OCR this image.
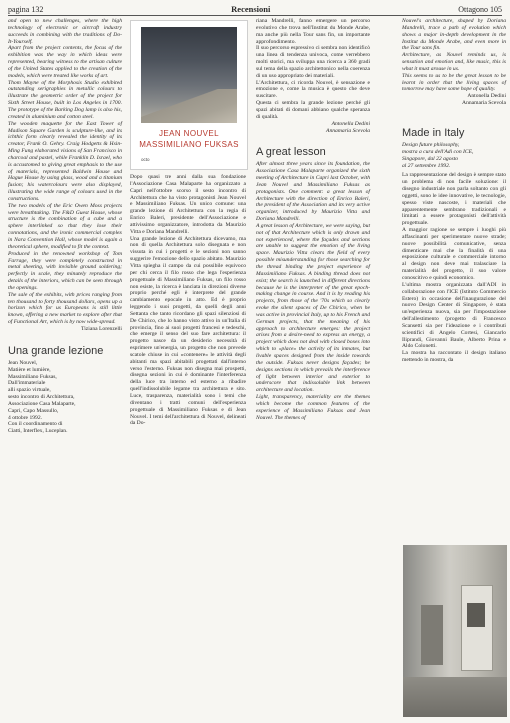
pagina 132	Recensioni	Ottagono 105
and open to new challenges, where the high technology of electronic or aircraft industry succeeds in combining with the traditions of Do-It-Yourself.
Apart from the project contents, the focus of the exhibition was the way in which ideas were represented, bearing witness to the artisan culture of the United States applied to the creation of the models, which were treated like works of art.
Thom Mayne of the Morphosis Studio exhibited outstanding serigraphies in metallic colours to illustrate the geometric order of the project for Sixth Street House, built in Los Angeles in 1700. The prototype of the Barking Dog lamp is also his, created in aluminium and cotton steel.
The wooden maquette for the East Tower of Madison Square Garden is sculpture-like, and its ichthic form clearly revealed the identity of its creator, Frank O. Gehry. Craig Hodgetts & Hsin-Ming Fung elaborated visions of San Francisco in charcoal and pastel, while Franklin D. Israel, who is accustomed to giving great emphasis to the use of materials, represented Baldwin House and Hague House by using glass, wood and a titanium fusion; his watercolours were also displayed, illustrating the wide range of colours used in the constructions.
The two models of the Eric Owen Moss projects were breathtaking. The F&D Guest House, whose structure is the combination of a cube and a sphere interlinked so that they lose their connotations, and the ironic commercial complex in Nara Convention Hall, whose model is again a theoretical sphere, modified to fit the context.
Produced in the renowned workshop of Tom Farrage, they were completely constructed in metal sheeting, with invisible ground soldering; perfectly in scale, they minutely reproduce the details of the interiors, which can be seen through the openings.
The sale of the exhibits, with prices ranging from ten thousand to forty thousand dollars, opens up a horizon which for us Europeans is still little known, offering a new market to explore after that of Functional Art, which is by now wide-spread.
Tiziana Lorenzelli
Una grande lezione
Jean Nouvel,
Matière et lumière,
Massimiliano Fuksas,
Dall'immateriale
alli spazio virtuale,
sesto incontro di Architettura,
Associazione Casa Malaparte,
Capri, Capo Massullo,
4 ottobre 1992.
Con il coordinamento di
Ciatti, Interflex, Luceplan.
JEAN NOUVEL
MASSIMILIANO FUKSAS
octo
Dopo quasi tre anni dalla sua fondazione l'Associazione Casa Malaparte ha organizzato a Capri nell'ottobre scorso il sesto incontro di Architettura che ha visto protagonisti Jean Nouvel e Massimiliano Fuksas. Un unico comune: una grande lezione di Architettura con la regia di Enrico Baleri, presidente dell'Associazione e attivissimo organizzatore, introdotta da Maurizio Vitta e Doriana Mandrelli.
Una grande lezione di Architettura dicevamo, ma non di quella Architettura solo disegnata e non vissuta in cui i progetti e le sezioni non sanno suggerire l'emozione dello spazio abitato. Maurizio Vitta spiegha il campo da cui possibile equivoco per chi cerca il filo rosso che lega l'esperienza progettuale di Massimiliano Fuksas, un filo rosso non esiste, la ricerca è lanciata in direzioni diverse proprio perché egli è interprete del grande cambiamento epocale in atto. Ed è proprio leggendo i suoi progetti, da quelli degli anni Settanta che tanto ricordano gli spazi silenziosi di De Chirico, che lo hanno visto attivo in un'Italia di provincia, fino ai suoi progetti francesi e tedeschi, che emerge il senso del suo fare architettura: il progetto nasce da un desiderio necessità di esprimere un'energia, un progetto che non prevede scatole chiuse in cui «contenere» le attività degli abitanti ma spazi abitabili progettati dall'interno verso l'esterno. Fuksas non disegna mai prospetti, disegna sezioni in cui è dominante l'interferenza della luce tra interno ed esterno a ribadire quell'indissolubile legame tra architettura e sito. Luce, trasparenza, materialità sono i temi che diventano i tratti comuni dell'esperienza progettuale di Massimiliano Fuksas e di Jean Nouvel. I temi dell'architettura di Nouvel, delineati da Do-
riana Mandrelli, fanno emergere un percorso evolutivo che trova nell'Institut du Monde Arabe, ma anche più nella Tour sans fin, un importante approfondimento.
Il suo percorso espressivo ci sembra non identificò una linea di tendenza univoca, come verrebbero molti storici, ma sviluppa una ricerca a 360 gradi sul tema della spazio architettonico nella coerenza di un uso appropriato dei materiali.
L'Architettura, ci ricorda Nouvel, è sensazione e emozione e, come la musica è questo che deve suscitare.
Questa ci sembra la grande lezione perché gli spazi abitati di domani abbiano qualche speranza di qualità.
Antonella Dedini
Annamaria Scevola
A great lesson
After almost three years since its foundation, the Associazione Casa Malaparte organized the sixth meeting of Architecture in Capri last October, with Jean Nouvel and Massimiliano Fuksas as protagonists. One comment: a great lesson of Architecture with the direction of Enrico Baleri, the president of the Association and its very active organizer, introduced by Maurizio Vitta and Doriana Mandrelli.
A great lesson of Architecture, we were saying, but not of that Architecture which is only drawn and not experienced, where the façades and sections are unable to suggest the emotion of the living space. Maurizio Vitta clears the field of every possible misunderstanding for those searching for the thread binding the project experience of Massimiliano Fuksas. A binding thread does not exist; the search is launched in different directions because he is the interpreter of the great epoch-making change in course. And it is by reading his projects, from those of the '70s which so clearly evoke the silent spaces of De Chirico, when he was active in provincial Italy, up to his French and German projects, that the meaning of his approach to architecture emerges: the project arises from a desire-need to express an energy, a project which does not deal with closed boxes into which to «place» the activity of its inmates, but livable spaces designed from the inside towards the outside. Fuksas never designs façades; he designs sections in which prevails the interference of light between interior and exterior to underscore that indissoluble link between architecture and location.
Light, transparency, materiality are the themes which become the common features of the experience of Massimiliano Fuksas and Jean Nouvel. The themes of
Nouvel's architecture, shaped by Doriana Mandrelli, trace a path of evolution which shows a major in-depth development in the Institut du Monde Arabe, and even more in the Tour sans fin.
Architecture, as Nouvel reminds us, is sensation and emotion and, like music, this is what it must arouse in us.
This seems to us to be the great lesson to be learnt in order that the living spaces of tomorrow may have some hope of quality.
Antonella Dedini
Annamaria Scevola
Made in Italy
Design future philosophy,
mostra a cura dell'Adi con ICE,
Singapore, dal 22 agosto
al 27 settembre 1992.
La rappresentazione del design è sempre stato un problema di non facile soluzione: il disegno industriale non parla soltanto con gli oggetti, sono le idee innovative, le tecnologie, spesso viste nascoste, i materiali che apparentemente sembrano tradizionali e limitati a essere protagonisti dell'attività progettuale.
A maggior ragione se sempre i luoghi più affascinanti per sperimentare nuove strade; nuove possibilità comunicative, senza dimenticare mai che la finalità di una esposizione culturale e commerciale intorno al design non deve mai tralasciare la materialità del progetto, il suo valore conoscitivo e quindi economico.
L'ultima mostra organizzata dall'ADI in collaborazione con l'ICE (Istituto Commercio Estero) in occasione dell'inaugurazione del nuovo Design Center di Singapore, è stata un'esperienza nuova, sia per l'impostazione dell'allestimento (progetto di Francesco Scansetti sia per l'ideazione e i contributi scientifici di Angelo Cortesi, Giancarlo Iliprandi, Giovanni Baule, Alberto Prina e Aldo Colonetti.
La mostra ha raccontato il design italiano mettendo in mostra, da
